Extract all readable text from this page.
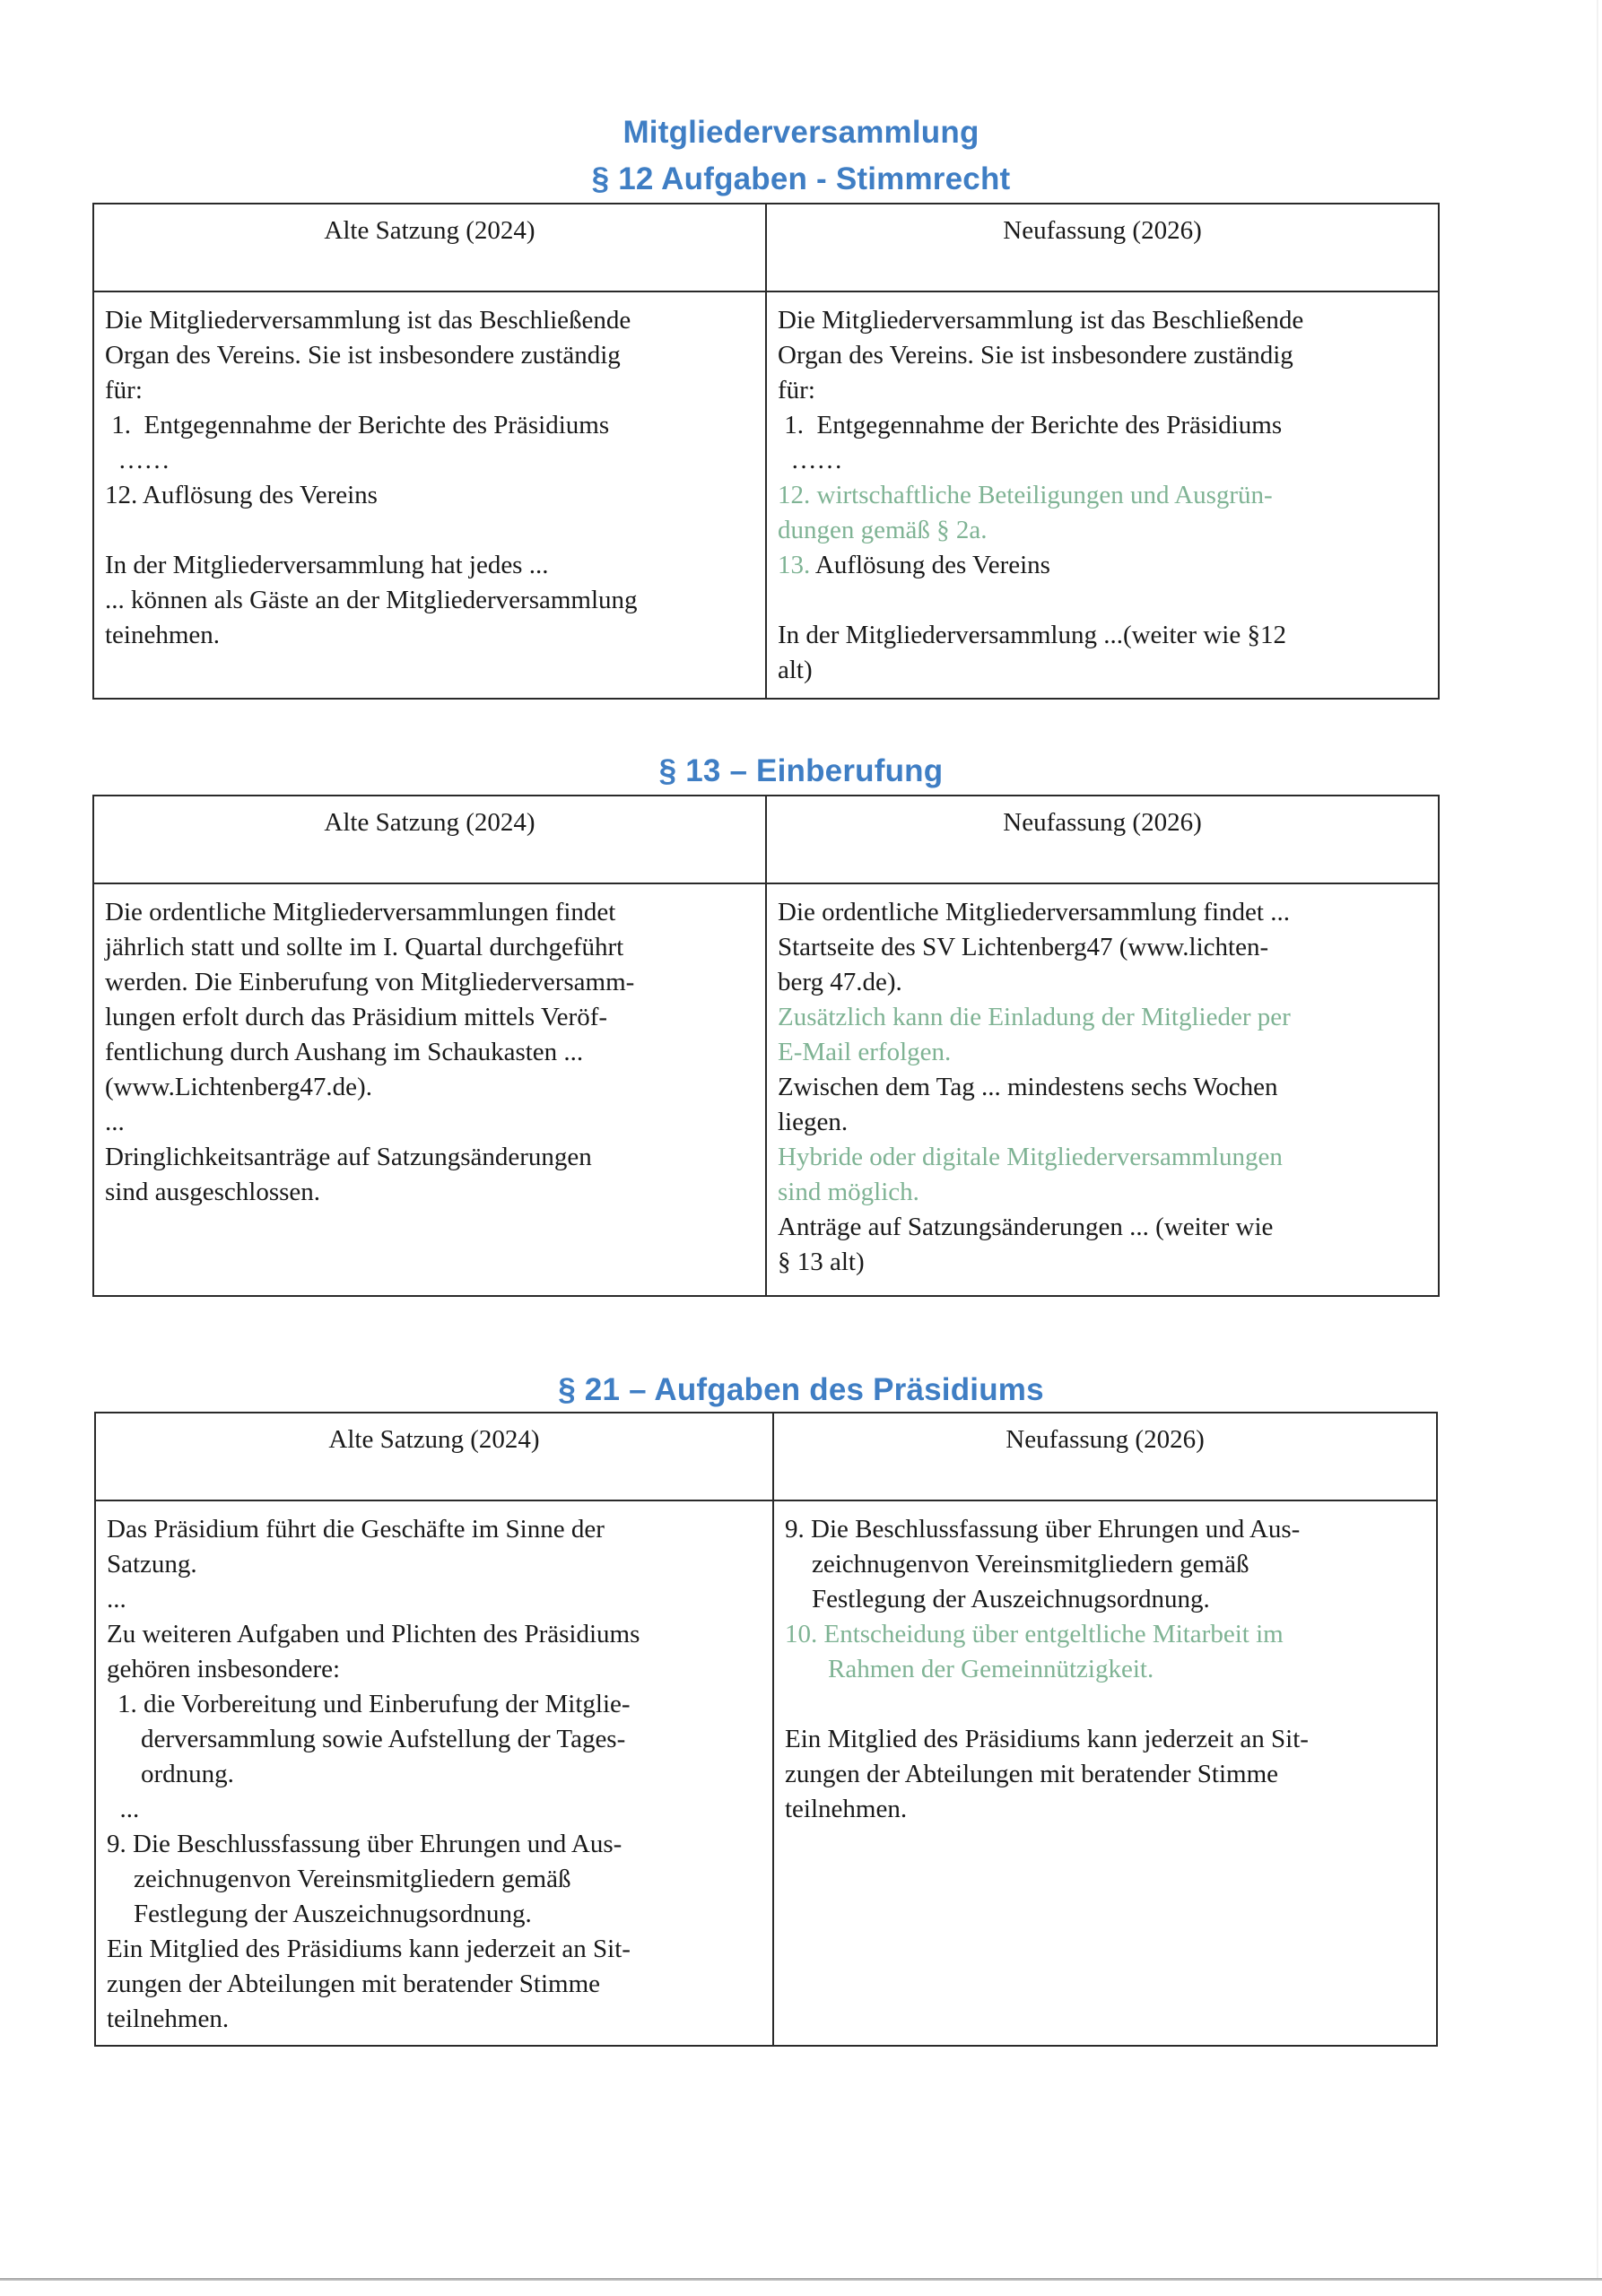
Mitgliederversammlung
§ 12 Aufgaben - Stimmrecht
Alte Satzung (2024)	Neufassung (2026)

Die Mitgliederversammlung ist das Beschließende
Organ des Vereins. Sie ist insbesondere zuständig
für:
1.  Entgegennahme der Berichte des Präsidiums
……
12. Auflösung des Vereins
In der Mitgliederversammlung hat jedes ...
... können als Gäste an der Mitgliederversammlung
teinehmen.

Die Mitgliederversammlung ist das Beschließende
Organ des Vereins. Sie ist insbesondere zuständig
für:
1.  Entgegennahme der Berichte des Präsidiums
……
12. wirtschaftliche Beteiligungen und Ausgrün-
dungen gemäß § 2a.
13. Auflösung des Vereins
In der Mitgliederversammlung ...(weiter wie §12
alt)
§ 13 – Einberufung
Alte Satzung (2024)	Neufassung (2026)

Die ordentliche Mitgliederversammlungen findet
jährlich statt und sollte im I. Quartal durchgeführt
werden. Die Einberufung von Mitgliederversamm-
lungen erfolt durch das Präsidium mittels Veröf-
fentlichung durch Aushang im Schaukasten ...
(www.Lichtenberg47.de).
...
Dringlichkeitsanträge auf Satzungsänderungen
sind ausgeschlossen.

Die ordentliche Mitgliederversammlung findet ...
Startseite des SV Lichtenberg47 (www.lichten-
berg 47.de).
Zusätzlich kann die Einladung der Mitglieder per
E-Mail erfolgen.
Zwischen dem Tag ... mindestens sechs Wochen
liegen.
Hybride oder digitale Mitgliederversammlungen
sind möglich.
Anträge auf Satzungsänderungen ... (weiter wie
§ 13 alt)
§ 21 – Aufgaben des Präsidiums
Alte Satzung (2024)	Neufassung (2026)

Das Präsidium führt die Geschäfte im Sinne der
Satzung.
...
Zu weiteren Aufgaben und Plichten des Präsidiums
gehören insbesondere:
1. die Vorbereitung und Einberufung der Mitglie-
derversammlung sowie Aufstellung der Tages-
ordnung.
...
9. Die Beschlussfassung über Ehrungen und Aus-
zeichnugenvon Vereinsmitgliedern gemäß
Festlegung der Auszeichnugsordnung.
Ein Mitglied des Präsidiums kann jederzeit an Sit-
zungen der Abteilungen mit beratender Stimme
teilnehmen.

9. Die Beschlussfassung über Ehrungen und Aus-
zeichnugenvon Vereinsmitgliedern gemäß
Festlegung der Auszeichnugsordnung.
10. Entscheidung über entgeltliche Mitarbeit im
Rahmen der Gemeinnützigkeit.
Ein Mitglied des Präsidiums kann jederzeit an Sit-
zungen der Abteilungen mit beratender Stimme
teilnehmen.
